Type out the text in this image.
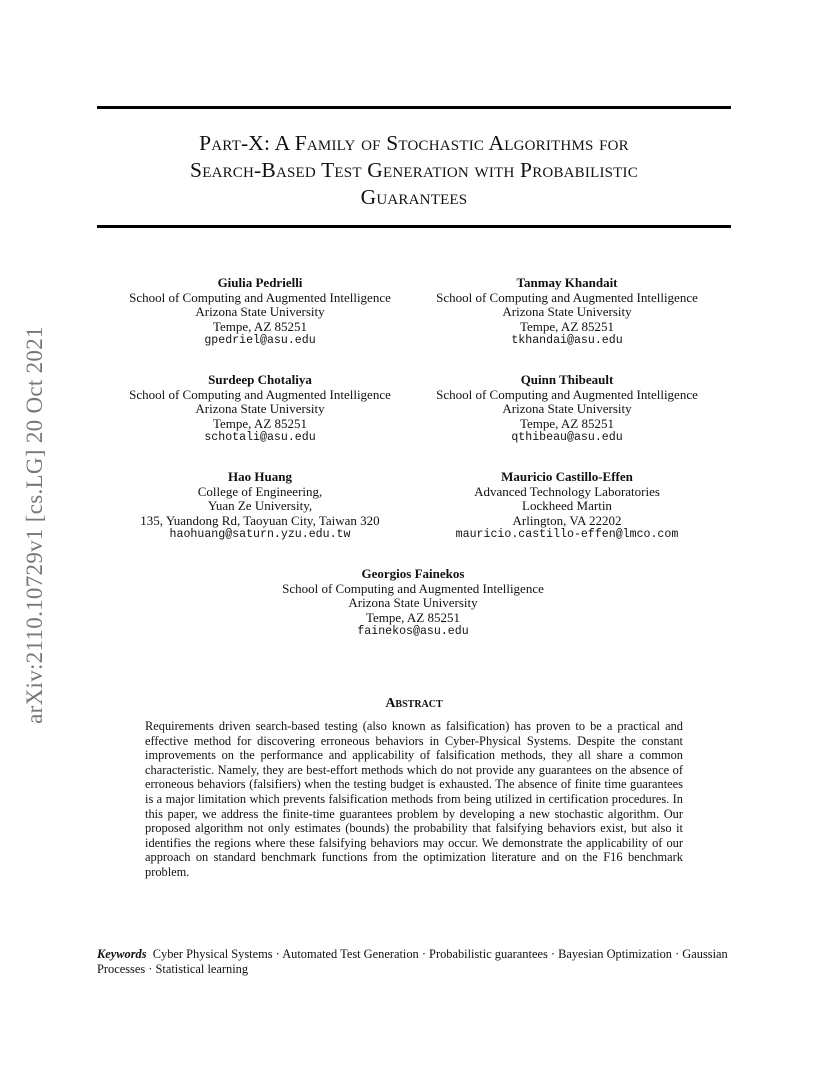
arXiv:2110.10729v1 [cs.LG] 20 Oct 2021
Part-X: A Family of Stochastic Algorithms for
Search-Based Test Generation with Probabilistic
Guarantees
Giulia Pedrielli
School of Computing and Augmented Intelligence
Arizona State University
Tempe, AZ 85251
gpedriel@asu.edu
Tanmay Khandait
School of Computing and Augmented Intelligence
Arizona State University
Tempe, AZ 85251
tkhandai@asu.edu
Surdeep Chotaliya
School of Computing and Augmented Intelligence
Arizona State University
Tempe, AZ 85251
schotali@asu.edu
Quinn Thibeault
School of Computing and Augmented Intelligence
Arizona State University
Tempe, AZ 85251
qthibeau@asu.edu
Hao Huang
College of Engineering,
Yuan Ze University,
135, Yuandong Rd, Taoyuan City, Taiwan 320
haohuang@saturn.yzu.edu.tw
Mauricio Castillo-Effen
Advanced Technology Laboratories
Lockheed Martin
Arlington, VA 22202
mauricio.castillo-effen@lmco.com
Georgios Fainekos
School of Computing and Augmented Intelligence
Arizona State University
Tempe, AZ 85251
fainekos@asu.edu
Abstract
Requirements driven search-based testing (also known as falsification) has proven to be a practical and effective method for discovering erroneous behaviors in Cyber-Physical Systems. Despite the constant improvements on the performance and applicability of falsification methods, they all share a common characteristic. Namely, they are best-effort methods which do not provide any guarantees on the absence of erroneous behaviors (falsifiers) when the testing budget is exhausted. The absence of finite time guarantees is a major limitation which prevents falsification methods from being utilized in certification procedures. In this paper, we address the finite-time guarantees problem by developing a new stochastic algorithm. Our proposed algorithm not only estimates (bounds) the probability that falsifying behaviors exist, but also it identifies the regions where these falsifying behaviors may occur. We demonstrate the applicability of our approach on standard benchmark functions from the optimization literature and on the F16 benchmark problem.
Keywords Cyber Physical Systems · Automated Test Generation · Probabilistic guarantees · Bayesian Optimization · Gaussian Processes · Statistical learning
